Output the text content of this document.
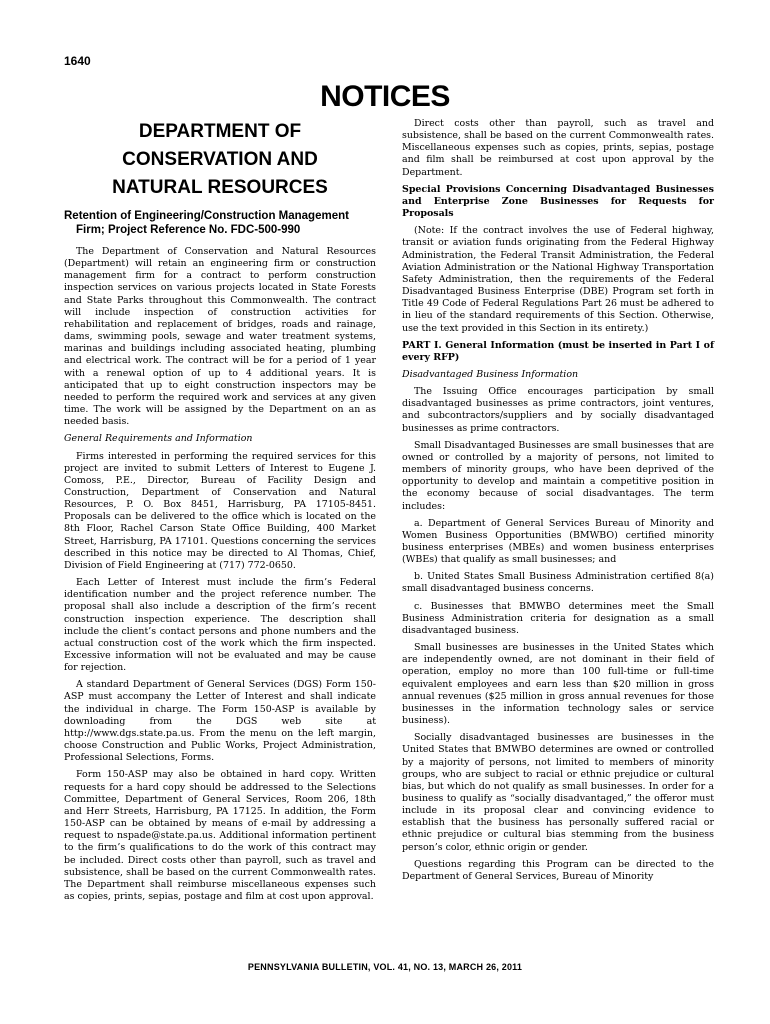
1640
NOTICES
DEPARTMENT OF
CONSERVATION AND
NATURAL RESOURCES
Retention of Engineering/Construction Management Firm; Project Reference No. FDC-500-990

The Department of Conservation and Natural Resources (Department) will retain an engineering firm or construction management firm for a contract to perform construction inspection services on various projects located in State Forests and State Parks throughout this Commonwealth. The contract will include inspection of construction activities for rehabilitation and replacement of bridges, roads and rainage, dams, swimming pools, sewage and water treatment systems, marinas and buildings including associated heating, plumbing and electrical work. The contract will be for a period of 1 year with a renewal option of up to 4 additional years. It is anticipated that up to eight construction inspectors may be needed to perform the required work and services at any given time. The work will be assigned by the Department on an as needed basis.

General Requirements and Information

Firms interested in performing the required services for this project are invited to submit Letters of Interest to Eugene J. Comoss, P.E., Director, Bureau of Facility Design and Construction, Department of Conservation and Natural Resources, P. O. Box 8451, Harrisburg, PA 17105-8451. Proposals can be delivered to the office which is located on the 8th Floor, Rachel Carson State Office Building, 400 Market Street, Harrisburg, PA 17101. Questions concerning the services described in this notice may be directed to Al Thomas, Chief, Division of Field Engineering at (717) 772-0650.

Each Letter of Interest must include the firm’s Federal identification number and the project reference number. The proposal shall also include a description of the firm’s recent construction inspection experience. The description shall include the client’s contact persons and phone numbers and the actual construction cost of the work which the firm inspected. Excessive information will not be evaluated and may be cause for rejection.

A standard Department of General Services (DGS) Form 150-ASP must accompany the Letter of Interest and shall indicate the individual in charge. The Form 150-ASP is available by downloading from the DGS web site at http://www.dgs.state.pa.us. From the menu on the left margin, choose Construction and Public Works, Project Administration, Professional Selections, Forms.

Form 150-ASP may also be obtained in hard copy. Written requests for a hard copy should be addressed to the Selections Committee, Department of General Services, Room 206, 18th and Herr Streets, Harrisburg, PA 17125. In addition, the Form 150-ASP can be obtained by means of e-mail by addressing a request to nspade@state.pa.us. Additional information pertinent to the firm’s qualifications to do the work of this contract may be included. Direct costs other than payroll, such as travel and subsistence, shall be based on the current Commonwealth rates. The Department shall reimburse miscellaneous expenses such as copies, prints, sepias, postage and film at cost upon approval.

Direct costs other than payroll, such as travel and subsistence, shall be based on the current Commonwealth rates. Miscellaneous expenses such as copies, prints, sepias, postage and film shall be reimbursed at cost upon approval by the Department.

Special Provisions Concerning Disadvantaged Businesses and Enterprise Zone Businesses for Requests for Proposals

(Note: If the contract involves the use of Federal highway, transit or aviation funds originating from the Federal Highway Administration, the Federal Transit Administration, the Federal Aviation Administration or the National Highway Transportation Safety Administration, then the requirements of the Federal Disadvantaged Business Enterprise (DBE) Program set forth in Title 49 Code of Federal Regulations Part 26 must be adhered to in lieu of the standard requirements of this Section. Otherwise, use the text provided in this Section in its entirety.)

PART I. General Information (must be inserted in Part I of every RFP)

Disadvantaged Business Information

The Issuing Office encourages participation by small disadvantaged businesses as prime contractors, joint ventures, and subcontractors/suppliers and by socially disadvantaged businesses as prime contractors.

Small Disadvantaged Businesses are small businesses that are owned or controlled by a majority of persons, not limited to members of minority groups, who have been deprived of the opportunity to develop and maintain a competitive position in the economy because of social disadvantages. The term includes:

a. Department of General Services Bureau of Minority and Women Business Opportunities (BMWBO) certified minority business enterprises (MBEs) and women business enterprises (WBEs) that qualify as small businesses; and

b. United States Small Business Administration certified 8(a) small disadvantaged business concerns.

c. Businesses that BMWBO determines meet the Small Business Administration criteria for designation as a small disadvantaged business.

Small businesses are businesses in the United States which are independently owned, are not dominant in their field of operation, employ no more than 100 full-time or full-time equivalent employees and earn less than $20 million in gross annual revenues ($25 million in gross annual revenues for those businesses in the information technology sales or service business).

Socially disadvantaged businesses are businesses in the United States that BMWBO determines are owned or controlled by a majority of persons, not limited to members of minority groups, who are subject to racial or ethnic prejudice or cultural bias, but which do not qualify as small businesses. In order for a business to qualify as “socially disadvantaged,” the offeror must include in its proposal clear and convincing evidence to establish that the business has personally suffered racial or ethnic prejudice or cultural bias stemming from the business person’s color, ethnic origin or gender.

Questions regarding this Program can be directed to the Department of General Services, Bureau of Minority

PENNSYLVANIA BULLETIN, VOL. 41, NO. 13, MARCH 26, 2011
